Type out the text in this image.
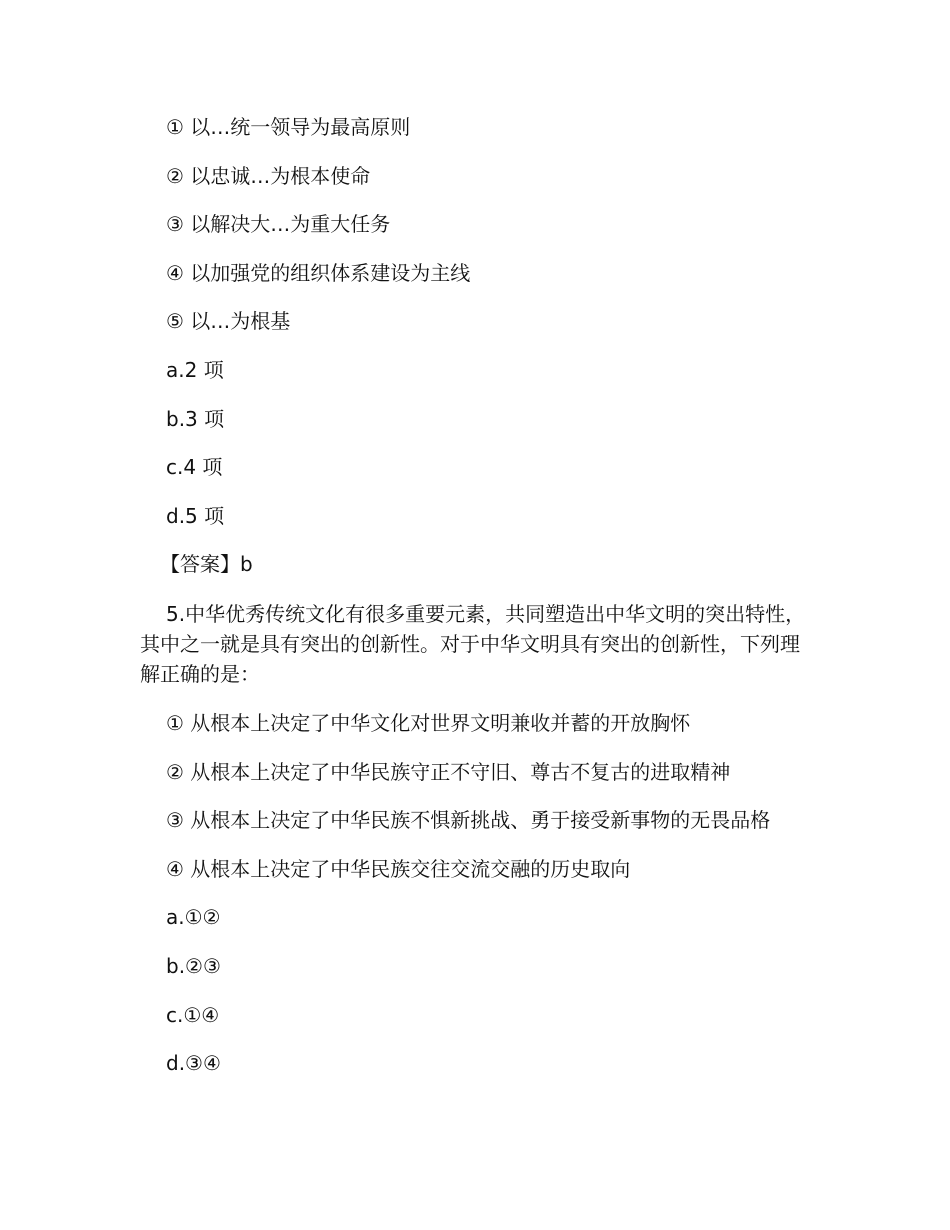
① 以…统一领导为最高原则

② 以忠诚…为根本使命

③ 以解决大…为重大任务

④ 以加强党的组织体系建设为主线

⑤ 以…为根基

a.2 项

b.3 项

c.4 项

d.5 项

【答案】b

5.中华优秀传统文化有很多重要元素，共同塑造出中华文明的突出特性，其中之一就是具有突出的创新性。对于中华文明具有突出的创新性，下列理解正确的是：

① 从根本上决定了中华文化对世界文明兼收并蓄的开放胸怀

② 从根本上决定了中华民族守正不守旧、尊古不复古的进取精神

③ 从根本上决定了中华民族不惧新挑战、勇于接受新事物的无畏品格

④ 从根本上决定了中华民族交往交流交融的历史取向

a.①②

b.②③

c.①④

d.③④
